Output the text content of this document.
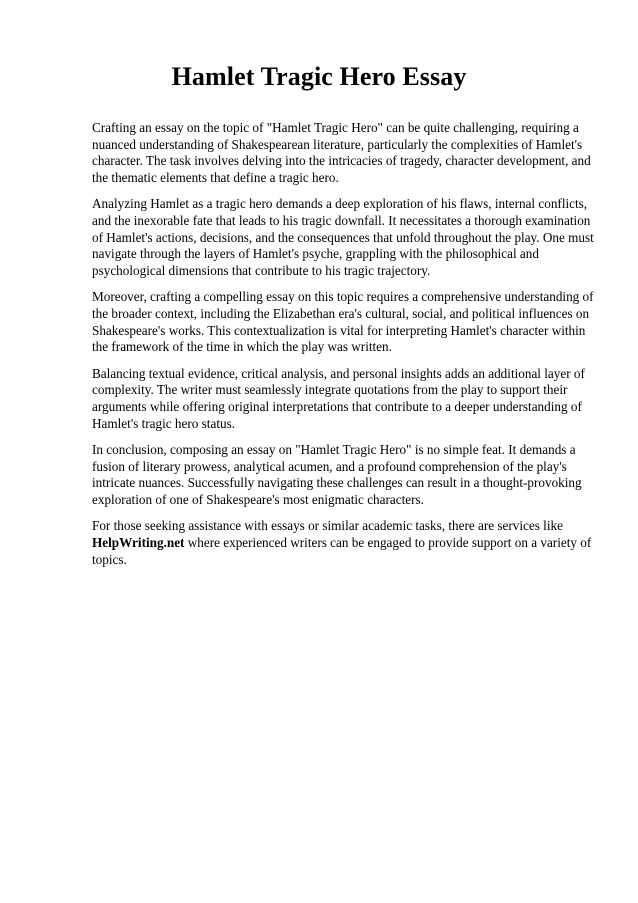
Hamlet Tragic Hero Essay

Crafting an essay on the topic of "Hamlet Tragic Hero" can be quite challenging, requiring a nuanced understanding of Shakespearean literature, particularly the complexities of Hamlet's character. The task involves delving into the intricacies of tragedy, character development, and the thematic elements that define a tragic hero.

Analyzing Hamlet as a tragic hero demands a deep exploration of his flaws, internal conflicts, and the inexorable fate that leads to his tragic downfall. It necessitates a thorough examination of Hamlet's actions, decisions, and the consequences that unfold throughout the play. One must navigate through the layers of Hamlet's psyche, grappling with the philosophical and psychological dimensions that contribute to his tragic trajectory.

Moreover, crafting a compelling essay on this topic requires a comprehensive understanding of the broader context, including the Elizabethan era's cultural, social, and political influences on Shakespeare's works. This contextualization is vital for interpreting Hamlet's character within the framework of the time in which the play was written.

Balancing textual evidence, critical analysis, and personal insights adds an additional layer of complexity. The writer must seamlessly integrate quotations from the play to support their arguments while offering original interpretations that contribute to a deeper understanding of Hamlet's tragic hero status.

In conclusion, composing an essay on "Hamlet Tragic Hero" is no simple feat. It demands a fusion of literary prowess, analytical acumen, and a profound comprehension of the play's intricate nuances. Successfully navigating these challenges can result in a thought-provoking exploration of one of Shakespeare's most enigmatic characters.

For those seeking assistance with essays or similar academic tasks, there are services like HelpWriting.net where experienced writers can be engaged to provide support on a variety of topics.
